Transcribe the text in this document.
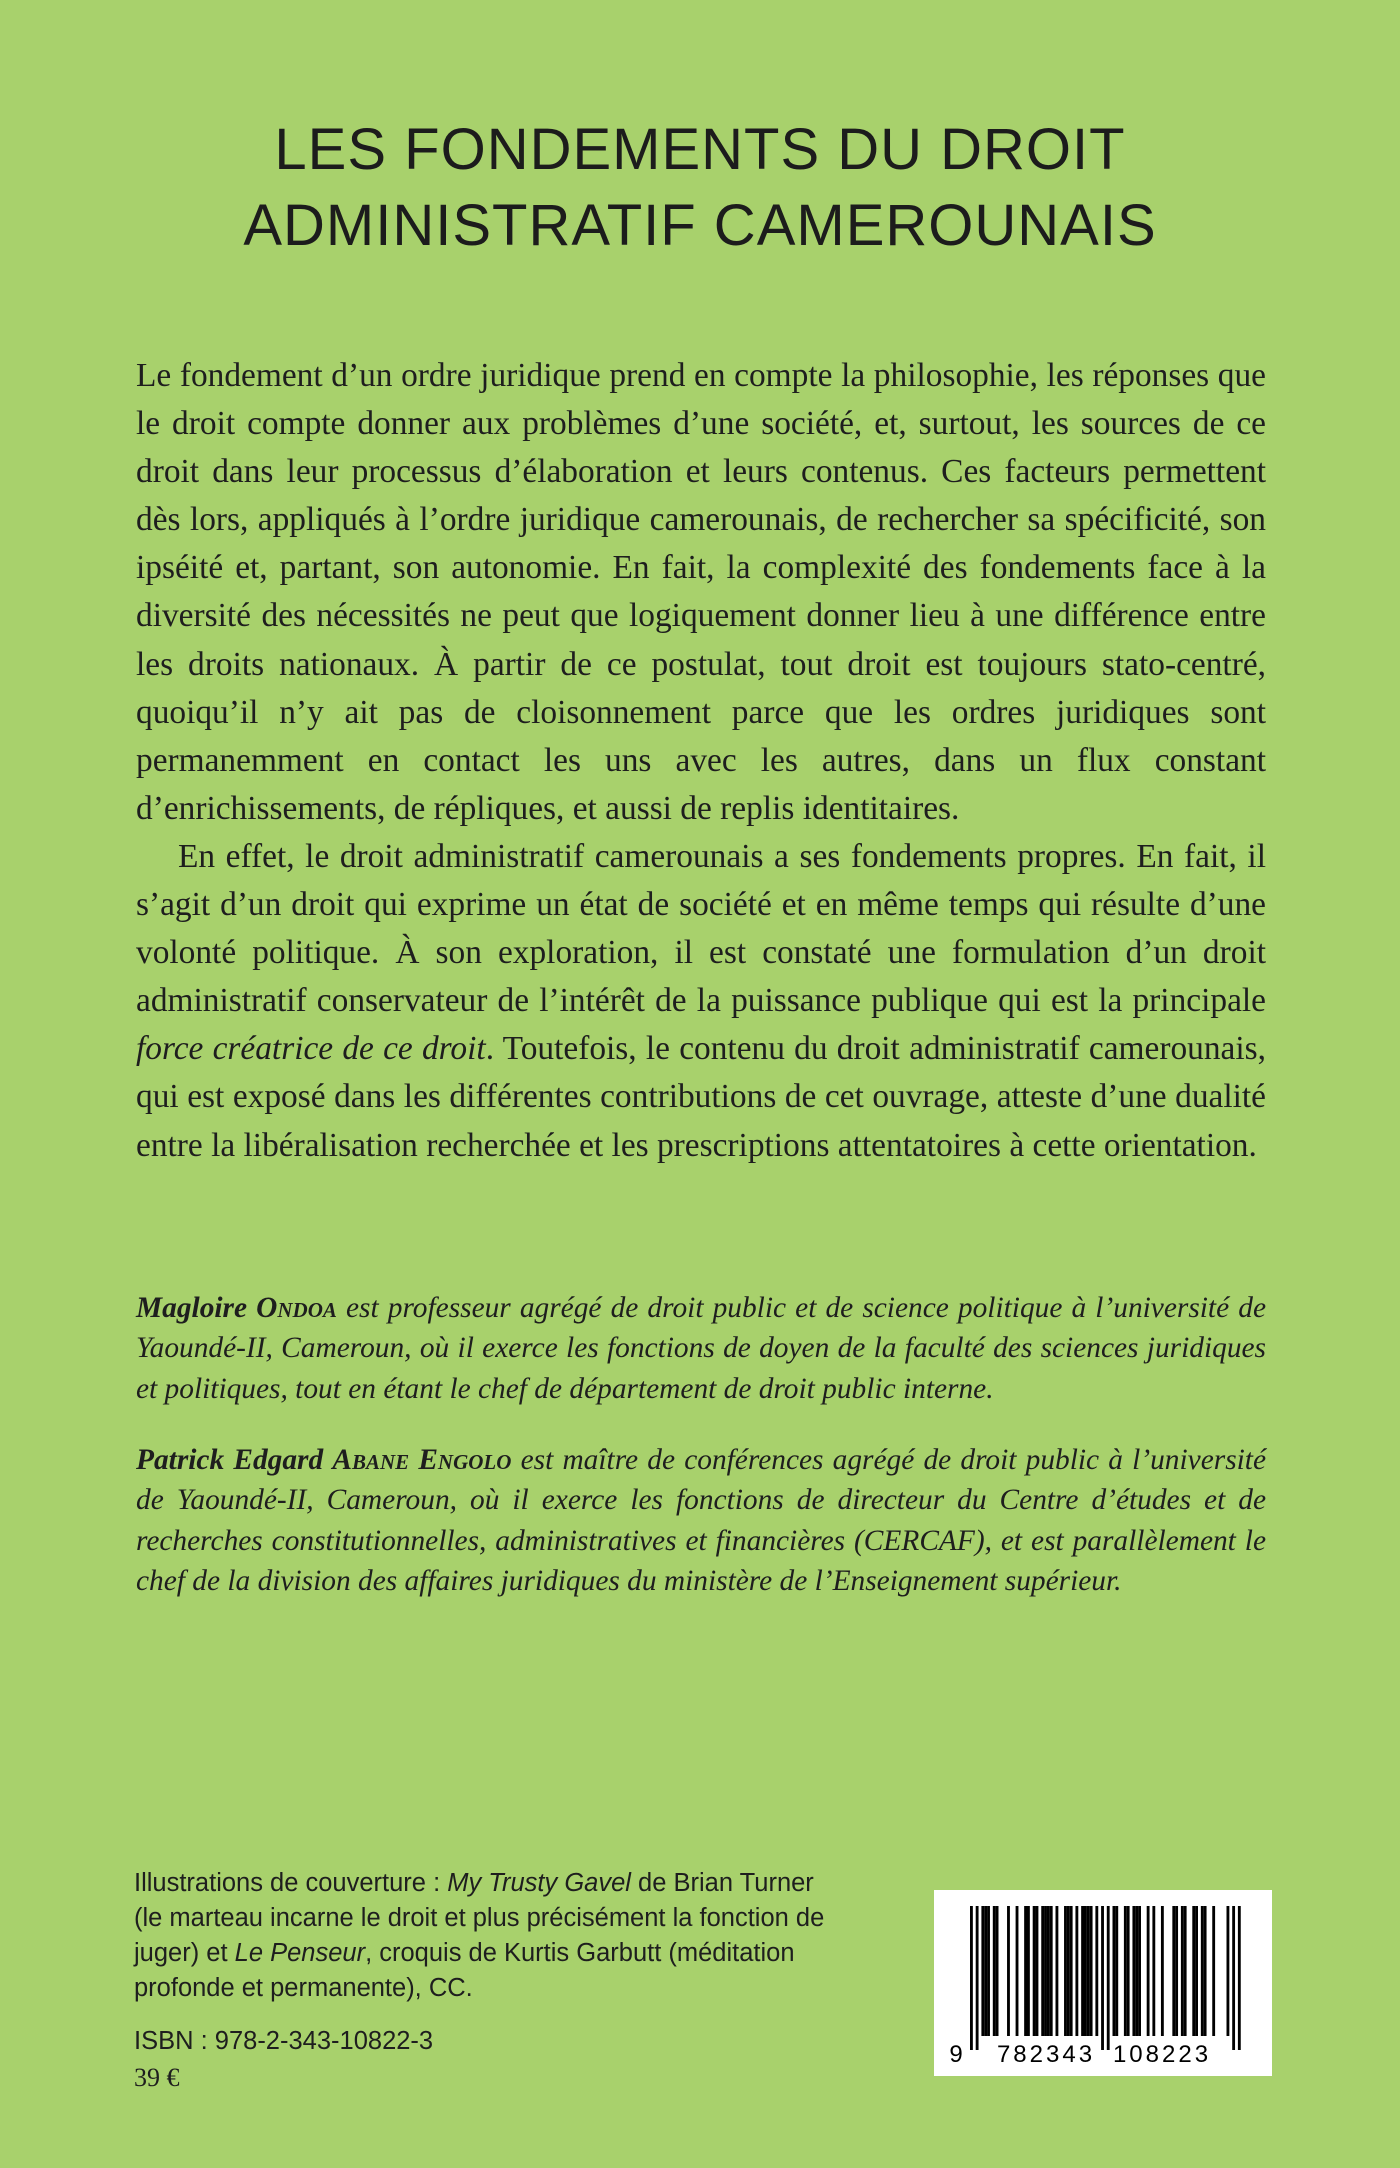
LES FONDEMENTS DU DROIT
ADMINISTRATIF CAMEROUNAIS

Le fondement d’un ordre juridique prend en compte la philosophie, les réponses que le droit compte donner aux problèmes d’une société, et, surtout, les sources de ce droit dans leur processus d’élaboration et leurs contenus. Ces facteurs permettent dès lors, appliqués à l’ordre juridique camerounais, de rechercher sa spécificité, son ipséité et, partant, son autonomie. En fait, la complexité des fondements face à la diversité des nécessités ne peut que logiquement donner lieu à une différence entre les droits nationaux. À partir de ce postulat, tout droit est toujours stato-centré, quoiqu’il n’y ait pas de cloisonnement parce que les ordres juridiques sont permanemment en contact les uns avec les autres, dans un flux constant d’enrichissements, de répliques, et aussi de replis identitaires.

En effet, le droit administratif camerounais a ses fondements propres. En fait, il s’agit d’un droit qui exprime un état de société et en même temps qui résulte d’une volonté politique. À son exploration, il est constaté une formulation d’un droit administratif conservateur de l’intérêt de la puissance publique qui est la principale force créatrice de ce droit. Toutefois, le contenu du droit administratif camerounais, qui est exposé dans les différentes contributions de cet ouvrage, atteste d’une dualité entre la libéralisation recherchée et les prescriptions attentatoires à cette orientation.

Magloire Ondoa est professeur agrégé de droit public et de science politique à l’université de Yaoundé-II, Cameroun, où il exerce les fonctions de doyen de la faculté des sciences juridiques et politiques, tout en étant le chef de département de droit public interne.

Patrick Edgard Abane Engolo est maître de conférences agrégé de droit public à l’université de Yaoundé-II, Cameroun, où il exerce les fonctions de directeur du Centre d’études et de recherches constitutionnelles, administratives et financières (CERCAF), et est parallèlement le chef de la division des affaires juridiques du ministère de l’Enseignement supérieur.

Illustrations de couverture : My Trusty Gavel de Brian Turner (le marteau incarne le droit et plus précisément la fonction de juger) et Le Penseur, croquis de Kurtis Garbutt (méditation profonde et permanente), CC.

ISBN : 978-2-343-10822-3
39 €
9 782343 108223
